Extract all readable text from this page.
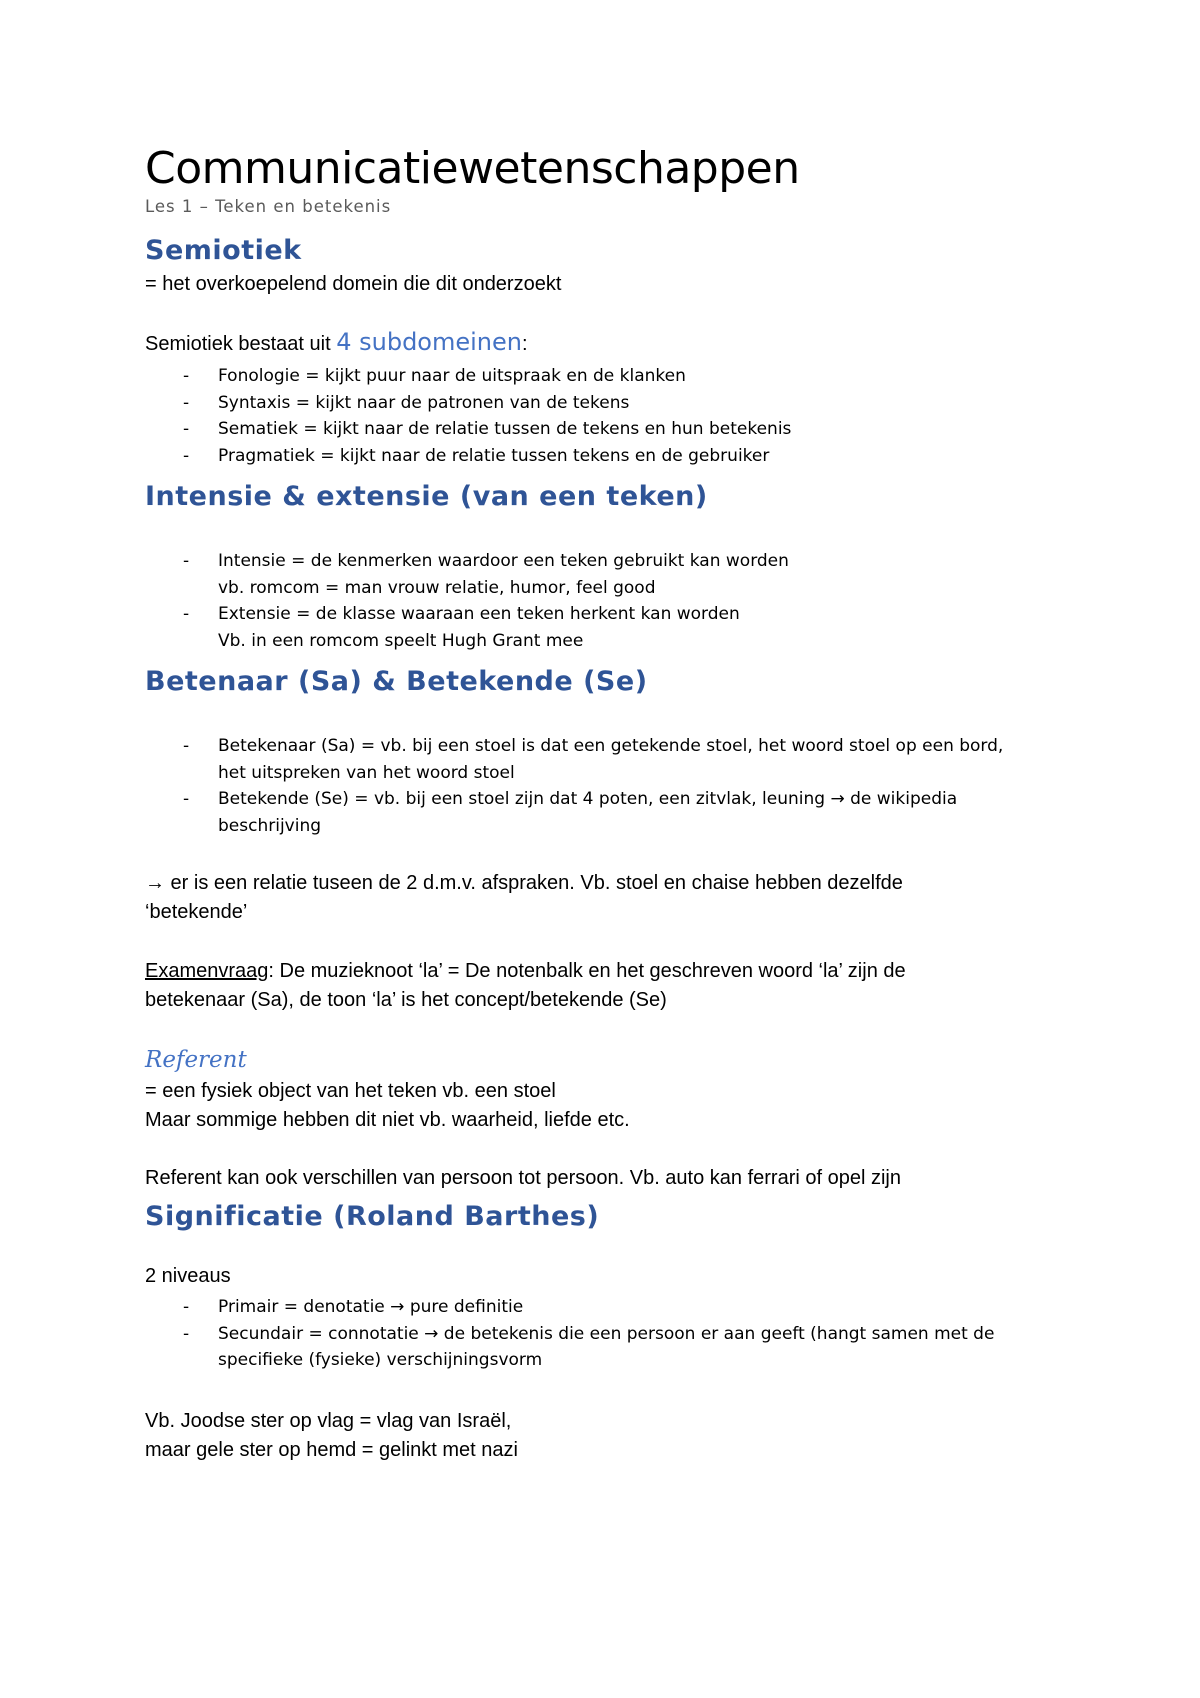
Communicatiewetenschappen

Les 1 – Teken en betekenis

Semiotiek

= het overkoepelend domein die dit onderzoekt

Semiotiek bestaat uit 4 subdomeinen:

- Fonologie = kijkt puur naar de uitspraak en de klanken
- Syntaxis = kijkt naar de patronen van de tekens
- Sematiek = kijkt naar de relatie tussen de tekens en hun betekenis
- Pragmatiek = kijkt naar de relatie tussen tekens en de gebruiker
Intensie & extensie (van een teken)
- Intensie = de kenmerken waardoor een teken gebruikt kan worden
vb. romcom = man vrouw relatie, humor, feel good
- Extensie = de klasse waaraan een teken herkent kan worden
Vb. in een romcom speelt Hugh Grant mee
Betenaar (Sa) & Betekende (Se)
- Betekenaar (Sa) = vb. bij een stoel is dat een getekende stoel, het woord stoel op een bord,
het uitspreken van het woord stoel
- Betekende (Se) = vb. bij een stoel zijn dat 4 poten, een zitvlak, leuning → de wikipedia
beschrijving

→ er is een relatie tuseen de 2 d.m.v. afspraken. Vb. stoel en chaise hebben dezelfde
‘betekende’

Examenvraag: De muzieknoot ‘la’ = De notenbalk en het geschreven woord ‘la’ zijn de
betekenaar (Sa), de toon ‘la’ is het concept/betekende (Se)

Referent

= een fysiek object van het teken vb. een stoel
Maar sommige hebben dit niet vb. waarheid, liefde etc.

Referent kan ook verschillen van persoon tot persoon. Vb. auto kan ferrari of opel zijn

Significatie (Roland Barthes)

2 niveaus

- Primair = denotatie → pure definitie
- Secundair = connotatie → de betekenis die een persoon er aan geeft (hangt samen met de
specifieke (fysieke) verschijningsvorm

Vb. Joodse ster op vlag = vlag van Israël,
maar gele ster op hemd = gelinkt met nazi
